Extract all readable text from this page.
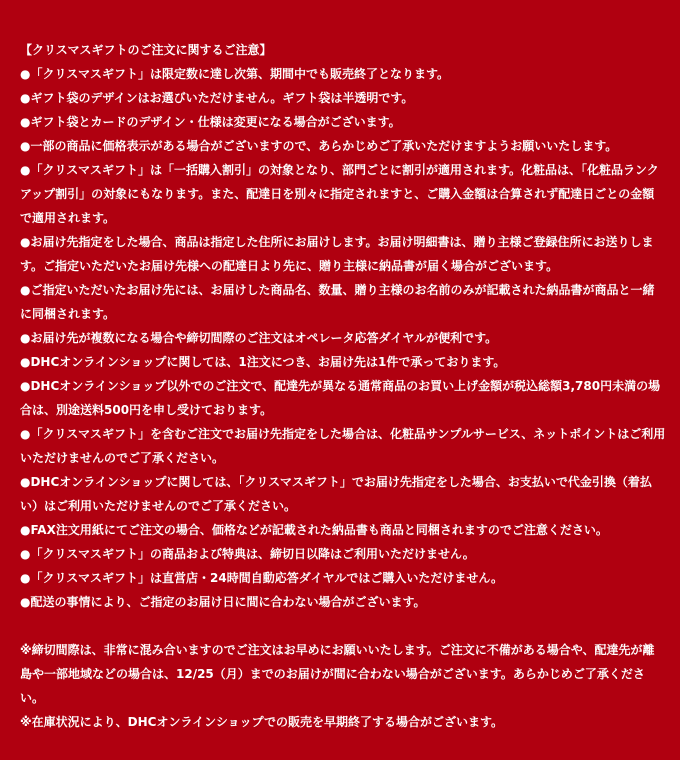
【クリスマスギフトのご注文に関するご注意】

●「クリスマスギフト」は限定数に達し次第、期間中でも販売終了となります。

●ギフト袋のデザインはお選びいただけません。ギフト袋は半透明です。

●ギフト袋とカードのデザイン・仕様は変更になる場合がございます。

●一部の商品に価格表示がある場合がございますので、あらかじめご了承いただけますようお願いいたします。

●「クリスマスギフト」は「一括購入割引」の対象となり、部門ごとに割引が適用されます。化粧品は、「化粧品ランクアップ割引」の対象にもなります。また、配達日を別々に指定されますと、ご購入金額は合算されず配達日ごとの金額で適用されます。

●お届け先指定をした場合、商品は指定した住所にお届けします。お届け明細書は、贈り主様ご登録住所にお送りします。ご指定いただいたお届け先様への配達日より先に、贈り主様に納品書が届く場合がございます。

●ご指定いただいたお届け先には、お届けした商品名、数量、贈り主様のお名前のみが記載された納品書が商品と一緒に同梱されます。

●お届け先が複数になる場合や締切間際のご注文はオペレータ応答ダイヤルが便利です。

●DHCオンラインショップに関しては、1注文につき、お届け先は1件で承っております。

●DHCオンラインショップ以外でのご注文で、配達先が異なる通常商品のお買い上げ金額が税込総額3,780円未満の場合は、別途送料500円を申し受けております。

●「クリスマスギフト」を含むご注文でお届け先指定をした場合は、化粧品サンプルサービス、ネットポイントはご利用いただけませんのでご了承ください。

●DHCオンラインショップに関しては、「クリスマスギフト」でお届け先指定をした場合、お支払いで代金引換（着払い）はご利用いただけませんのでご了承ください。

●FAX注文用紙にてご注文の場合、価格などが記載された納品書も商品と同梱されますのでご注意ください。

●「クリスマスギフト」の商品および特典は、締切日以降はご利用いただけません。

●「クリスマスギフト」は直営店・24時間自動応答ダイヤルではご購入いただけません。

●配送の事情により、ご指定のお届け日に間に合わない場合がございます。

※締切間際は、非常に混み合いますのでご注文はお早めにお願いいたします。ご注文に不備がある場合や、配達先が離島や一部地域などの場合は、12/25（月）までのお届けが間に合わない場合がございます。あらかじめご了承ください。

※在庫状況により、DHCオンラインショップでの販売を早期終了する場合がございます。
